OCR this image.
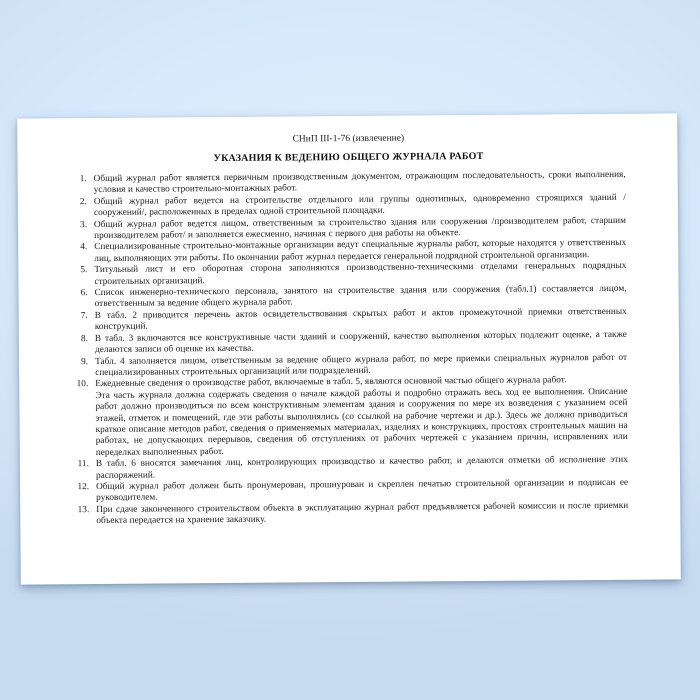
СНиП III-1-76 (извлечение)
УКАЗАНИЯ К ВЕДЕНИЮ ОБЩЕГО ЖУРНАЛА РАБОТ
1. Общий журнал работ является первичным производственным документом, отражающим последовательность, сроки выполнения, условия и качество строительно-монтажных работ.

2. Общий журнал работ ведется на строительстве отдельного или группы однотипных, одновременно строящихся зданий /сооружений/, расположенных в пределах одной строительной площадки.

3. Общий журнал работ ведется лицом, ответственным за строительство здания или сооружения /производителем работ, старшим производителем работ/ и заполняется ежесменно, начиная с первого дня работы на объекте.

4. Специализированные строительно-монтажные организации ведут специальные журналы работ, которые находятся у ответственных лиц, выполняющих эти работы. По окончании работ журнал передается генеральной подрядной строительной организации.

5. Титульный лист и его оборотная сторона заполняются производственно-техническими отделами генеральных подрядных строительных организаций.

6. Список инженерно-технического персонала, занятого на строительстве здания или сооружения (табл.1) составляется лицом, ответственным за ведение общего журнала работ.

7. В табл. 2 приводится перечень актов освидетельствования скрытых работ и актов промежуточной приемки ответственных конструкций.

8. В табл. 3 включаются все конструктивные части зданий и сооружений, качество выполнения которых подлежит оценке, а также делаются записи об оценке их качества.

9. Табл. 4 заполняется лицом, ответственным за ведение общего журнала работ, по мере приемки специальных журналов работ от специализированных строительных организаций или подразделений.

10. Ежедневные сведения о производстве работ, включаемые в табл. 5, являются основной частью общего журнала работ.

Эта часть журнала должна содержать сведения о начале каждой работы и подробно отражать весь ход ее выполнения. Описание работ должно производиться по всем конструктивным элементам здания и сооружения по мере их возведения с указанием осей этажей, отметок и помещений, где эти работы выполнялись (со ссылкой на рабочие чертежи и др.). Здесь же должно приводиться краткое описание методов работ, сведения о применяемых материалах, изделиях и конструкциях, простоях строительных машин на работах, не допускающих перерывов, сведения об отступлениях от рабочих чертежей с указанием причин, исправлениях или переделках выполненных работ.

11. В табл. 6 вносятся замечания лиц, контролирующих производство и качество работ, и делаются отметки об исполнение этих распоряжений.

12. Общий журнал работ должен быть пронумерован, прошнурован и скреплен печатью строительной организации и подписан ее руководителем.

13. При сдаче законченного строительством объекта в эксплуатацию журнал работ предъявляется рабочей комиссии и после приемки объекта передается на хранение заказчику.
